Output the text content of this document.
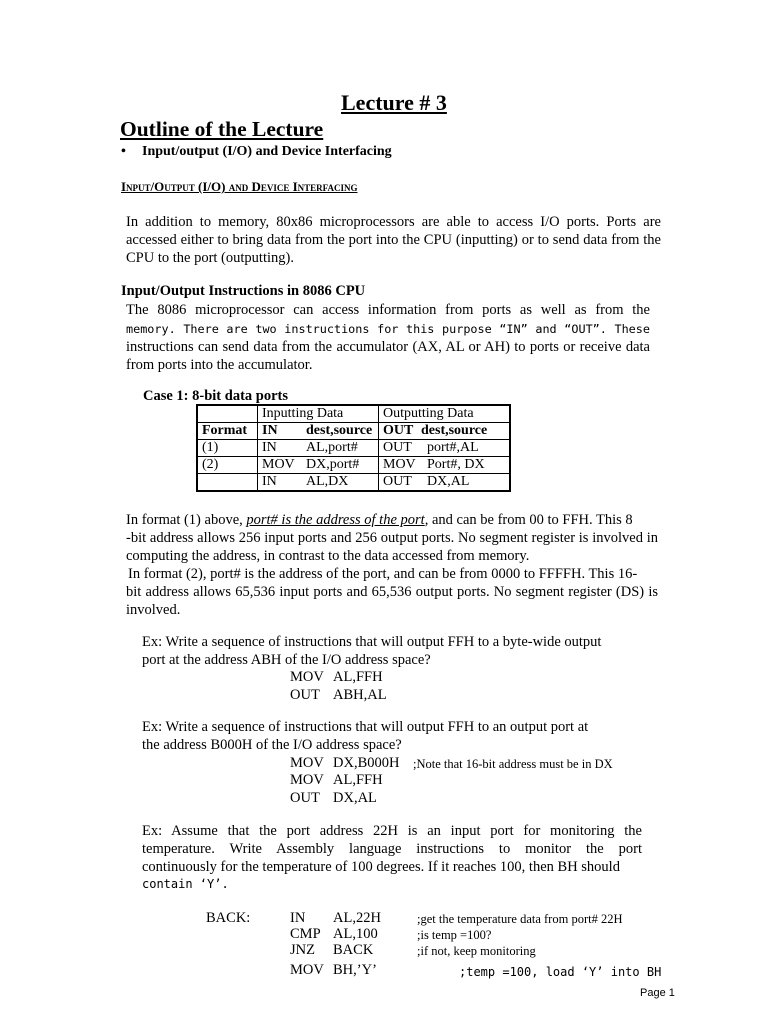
Lecture # 3
Outline of the Lecture
• Input/output (I/O) and Device Interfacing
Input/Output (I/O) and Device Interfacing
In addition to memory, 80x86 microprocessors are able to access I/O ports. Ports are accessed either to bring data from the port into the CPU (inputting) or to send data from the CPU to the port (outputting).
Input/Output Instructions in 8086 CPU
The 8086 microprocessor can access information from ports as well as from the
memory. There are two instructions for this purpose “IN” and “OUT”. These
instructions can send data from the accumulator (AX, AL or AH) to ports or receive data from ports into the accumulator.
Case 1: 8-bit data ports
	Inputting Data	Outputting Data
Format	IN dest,source	OUT dest,source
(1)	IN AL,port#	OUT port#,AL
(2)	MOV DX,port#	MOV Port#, DX
	IN AL,DX	OUT DX,AL
In format (1) above, port# is the address of the port, and can be from 00 to FFH. This 8
-bit address allows 256 input ports and 256 output ports. No segment register is involved in computing the address, in contrast to the data accessed from memory.
In format (2), port# is the address of the port, and can be from 0000 to FFFFH. This 16-
bit address allows 65,536 input ports and 65,536 output ports. No segment register (DS) is involved.
Ex: Write a sequence of instructions that will output FFH to a byte-wide output
port at the address ABH of the I/O address space?
MOV AL,FFH
OUT ABH,AL
Ex: Write a sequence of instructions that will output FFH to an output port at
the address B000H of the I/O address space?
MOV DX,B000H ;Note that 16-bit address must be in DX
MOV AL,FFH
OUT DX,AL
Ex: Assume that the port address 22H is an input port for monitoring the
temperature. Write Assembly language instructions to monitor the port
continuously for the temperature of 100 degrees. If it reaches 100, then BH should
contain ‘Y’.
BACK:	IN AL,22H	;get the temperature data from port# 22H
CMP AL,100	;is temp =100?
JNZ BACK	;if not, keep monitoring
MOV BH,’Y’	;temp =100, load ‘Y’ into BH
Page 1
